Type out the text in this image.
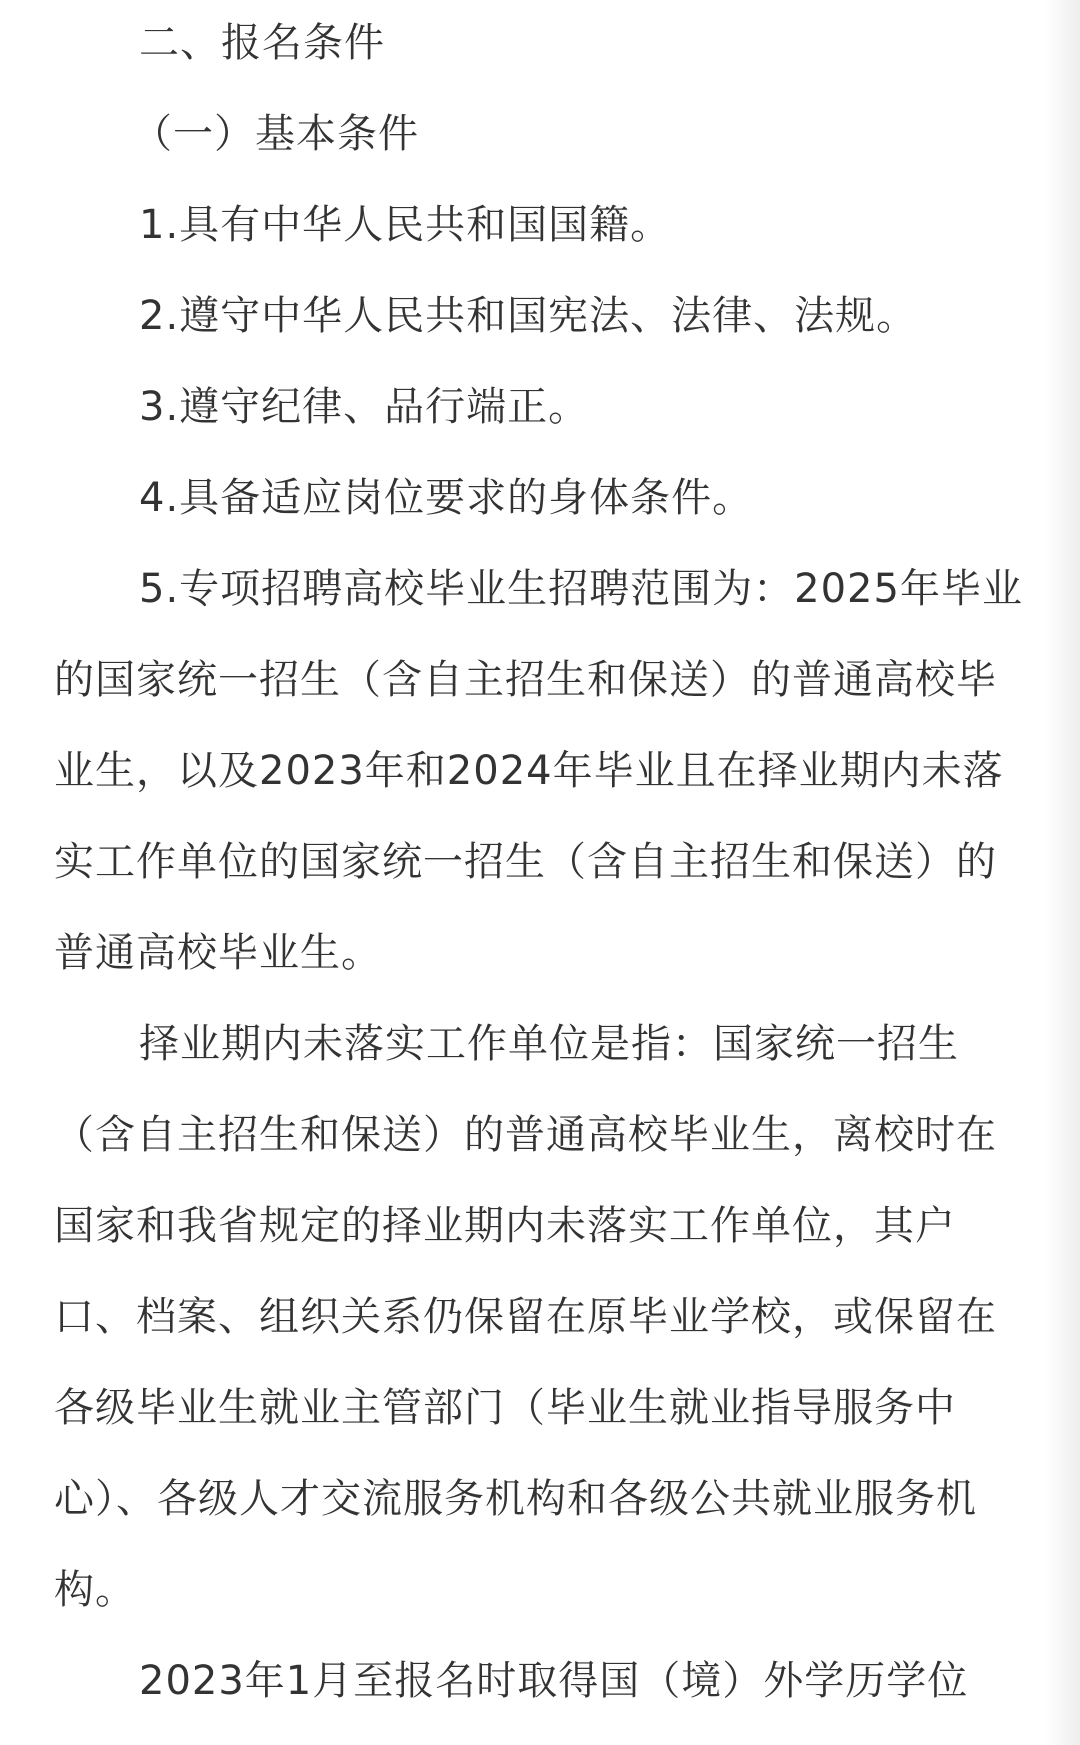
二、报名条件

（一）基本条件

1.具有中华人民共和国国籍。

2.遵守中华人民共和国宪法、法律、法规。

3.遵守纪律、品行端正。

4.具备适应岗位要求的身体条件。

5.专项招聘高校毕业生招聘范围为：2025年毕业的国家统一招生（含自主招生和保送）的普通高校毕业生，以及2023年和2024年毕业且在择业期内未落实工作单位的国家统一招生（含自主招生和保送）的普通高校毕业生。

择业期内未落实工作单位是指：国家统一招生（含自主招生和保送）的普通高校毕业生，离校时在国家和我省规定的择业期内未落实工作单位，其户口、档案、组织关系仍保留在原毕业学校，或保留在各级毕业生就业主管部门（毕业生就业指导服务中心）、各级人才交流服务机构和各级公共就业服务机构。

2023年1月至报名时取得国（境）外学历学位
